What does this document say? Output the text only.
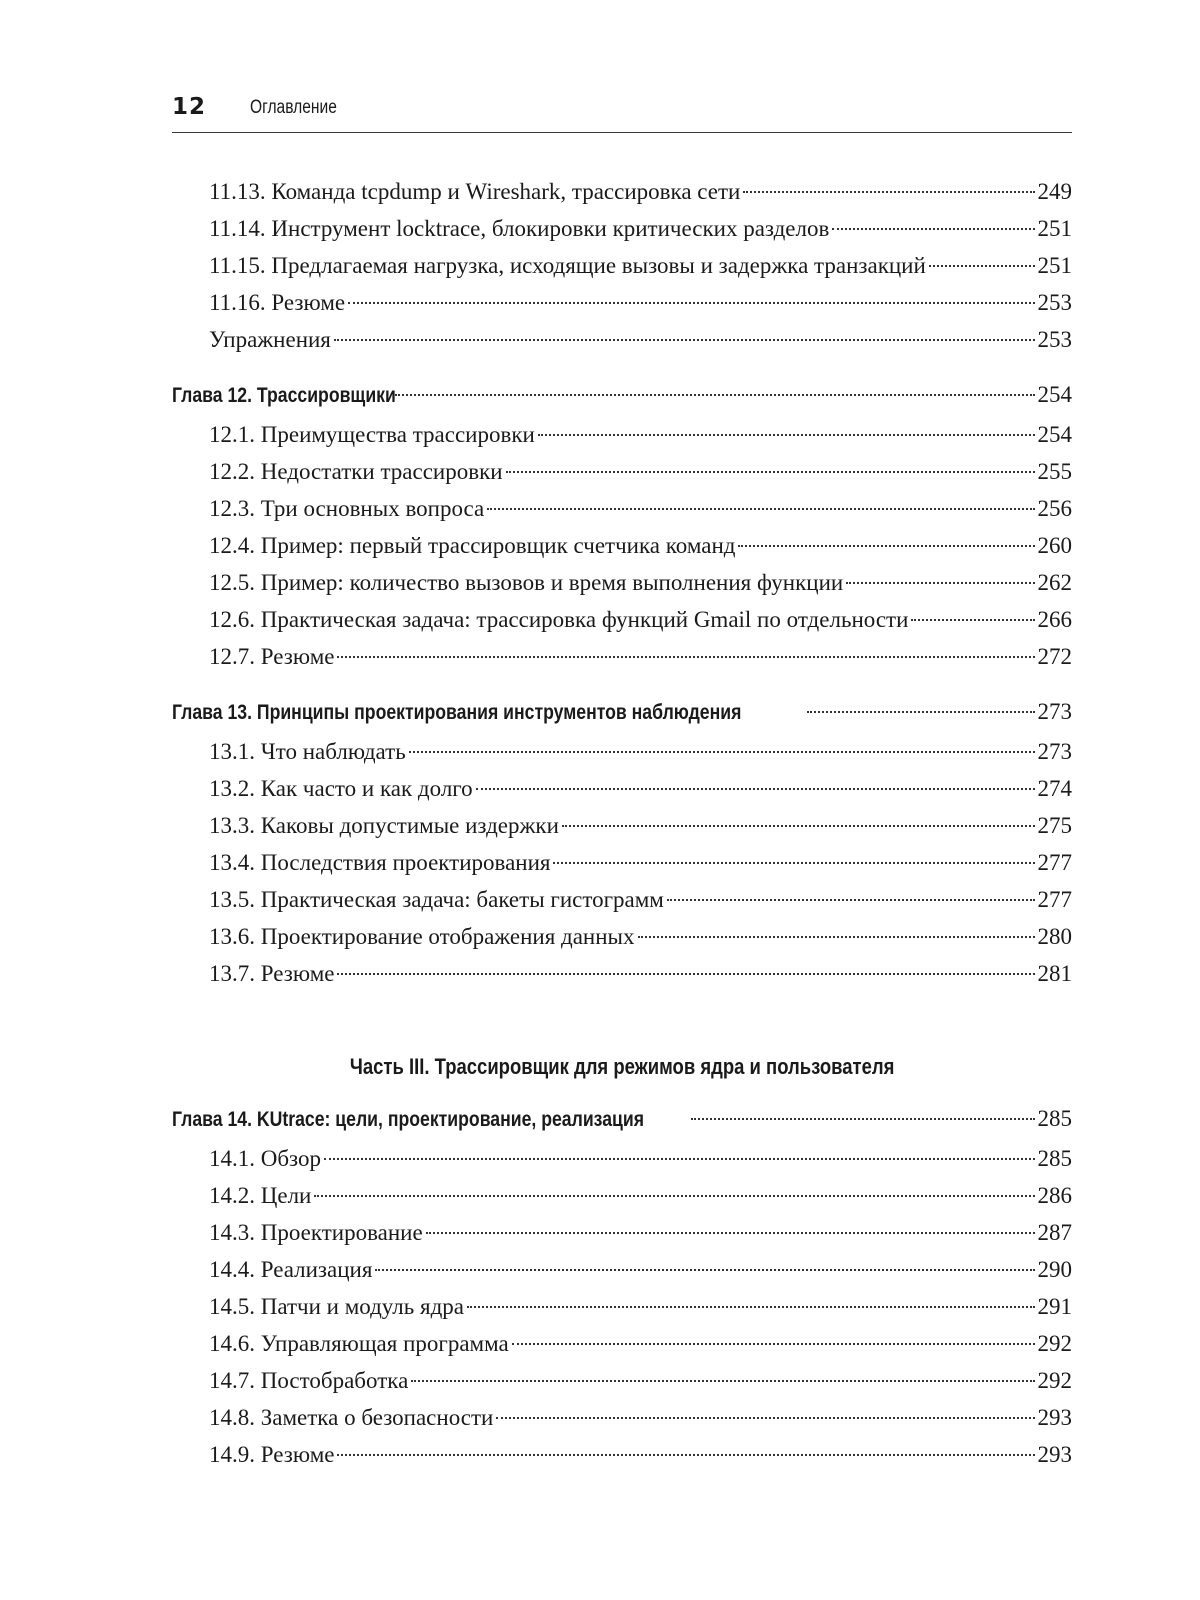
12 Оглавление
11.13. Команда tcpdump и Wireshark, трассировка сети	249
11.14. Инструмент locktrace, блокировки критических разделов	251
11.15. Предлагаемая нагрузка, исходящие вызовы и задержка транзакций	251
11.16. Резюме	253
Упражнения	253
Глава 12. Трассировщики	254
12.1. Преимущества трассировки	254
12.2. Недостатки трассировки	255
12.3. Три основных вопроса	256
12.4. Пример: первый трассировщик счетчика команд	260
12.5. Пример: количество вызовов и время выполнения функции	262
12.6. Практическая задача: трассировка функций Gmail по отдельности	266
12.7. Резюме	272
Глава 13. Принципы проектирования инструментов наблюдения	273
13.1. Что наблюдать	273
13.2. Как часто и как долго	274
13.3. Каковы допустимые издержки	275
13.4. Последствия проектирования	277
13.5. Практическая задача: бакеты гистограмм	277
13.6. Проектирование отображения данных	280
13.7. Резюме	281
Часть III. Трассировщик для режимов ядра и пользователя
Глава 14. KUtrace: цели, проектирование, реализация	285
14.1. Обзор	285
14.2. Цели	286
14.3. Проектирование	287
14.4. Реализация	290
14.5. Патчи и модуль ядра	291
14.6. Управляющая программа	292
14.7. Постобработка	292
14.8. Заметка о безопасности	293
14.9. Резюме	293
